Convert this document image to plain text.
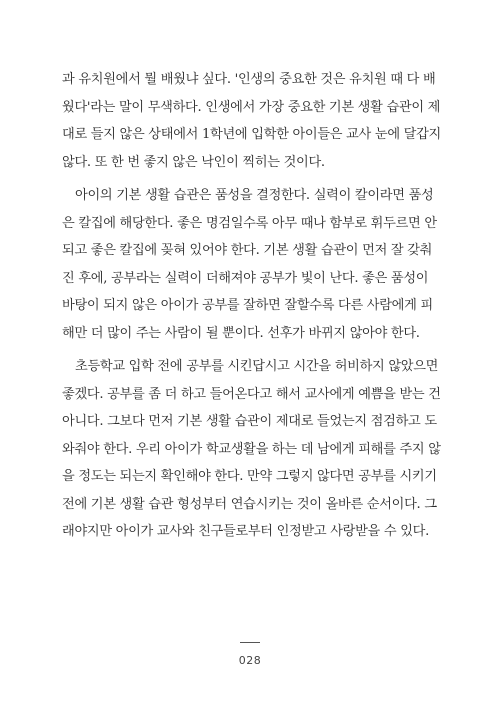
과 유치원에서 뭘 배웠냐 싶다. '인생의 중요한 것은 유치원 때 다 배
웠다'라는 말이 무색하다. 인생에서 가장 중요한 기본 생활 습관이 제
대로 들지 않은 상태에서 1학년에 입학한 아이들은 교사 눈에 달갑지
않다. 또 한 번 좋지 않은 낙인이 찍히는 것이다.
아이의 기본 생활 습관은 품성을 결정한다. 실력이 칼이라면 품성
은 칼집에 해당한다. 좋은 명검일수록 아무 때나 함부로 휘두르면 안
되고 좋은 칼집에 꽂혀 있어야 한다. 기본 생활 습관이 먼저 잘 갖춰
진 후에, 공부라는 실력이 더해져야 공부가 빛이 난다. 좋은 품성이
바탕이 되지 않은 아이가 공부를 잘하면 잘할수록 다른 사람에게 피
해만 더 많이 주는 사람이 될 뿐이다. 선후가 바뀌지 않아야 한다.
초등학교 입학 전에 공부를 시킨답시고 시간을 허비하지 않았으면
좋겠다. 공부를 좀 더 하고 들어온다고 해서 교사에게 예쁨을 받는 건
아니다. 그보다 먼저 기본 생활 습관이 제대로 들었는지 점검하고 도
와줘야 한다. 우리 아이가 학교생활을 하는 데 남에게 피해를 주지 않
을 정도는 되는지 확인해야 한다. 만약 그렇지 않다면 공부를 시키기
전에 기본 생활 습관 형성부터 연습시키는 것이 올바른 순서이다. 그
래야지만 아이가 교사와 친구들로부터 인정받고 사랑받을 수 있다.
028
